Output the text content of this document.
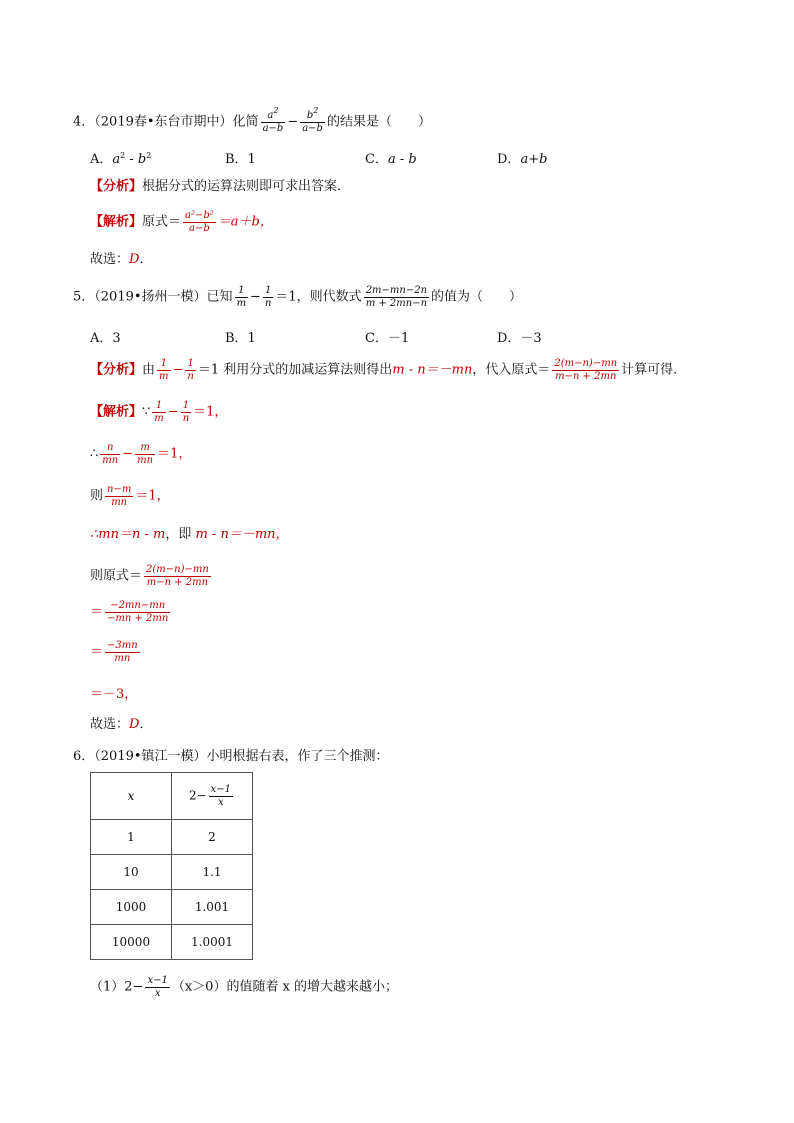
4．（2019春•东台市期中）化简 $\frac{a^2}{a-b} - \frac{b^2}{a-b}$ 的结果是（　　）
A．$a^2 - b^2$	B．1	C．a - b	D．a+b
【分析】根据分式的运算法则即可求出答案．
【解析】原式＝ $\frac{\text{a²−b²}}{a-b} =a+b$，
故选：D．
5．（2019•扬州一模）已知 $\frac{1}{m} - \frac{1}{n} =1$，则代数式 $\frac{2m-mn-2n}{m + 2mn-n}$ 的值为（　　）
A．3	B．1	C．－1	D．－3
【分析】由 $\frac{1}{m} - \frac{1}{n} =1$ 利用分式的加减运算法则得出m - n＝－mn，代入原式＝ $\frac{2(m-n)-mn}{m-n + 2mn}$ 计算可得．
【解析】∵ $\frac{1}{m} - \frac{1}{n} =1$，
∴ $\frac{n}{mn} - \frac{m}{mn} =1$，
则 $\frac{n-m}{mn} =1$，
∴mn＝n - m，即 m - n＝－mn，
则原式＝ $\frac{2(m-n)-mn}{m-n + 2mn}$
＝ $\frac{-2mn-mn}{-mn + 2mn}$
＝ $\frac{-3mn}{mn}$
＝－3，
故选：D．
6．（2019•镇江一模）小明根据右表，作了三个推测：
x	$2- \frac{x-1}{x}$

1	2
10	1.1
1000	1.001
10000	1.0001
$(1)2- \frac{x-1}{x} (x>0)$的值随着 x 的增大越来越小；
